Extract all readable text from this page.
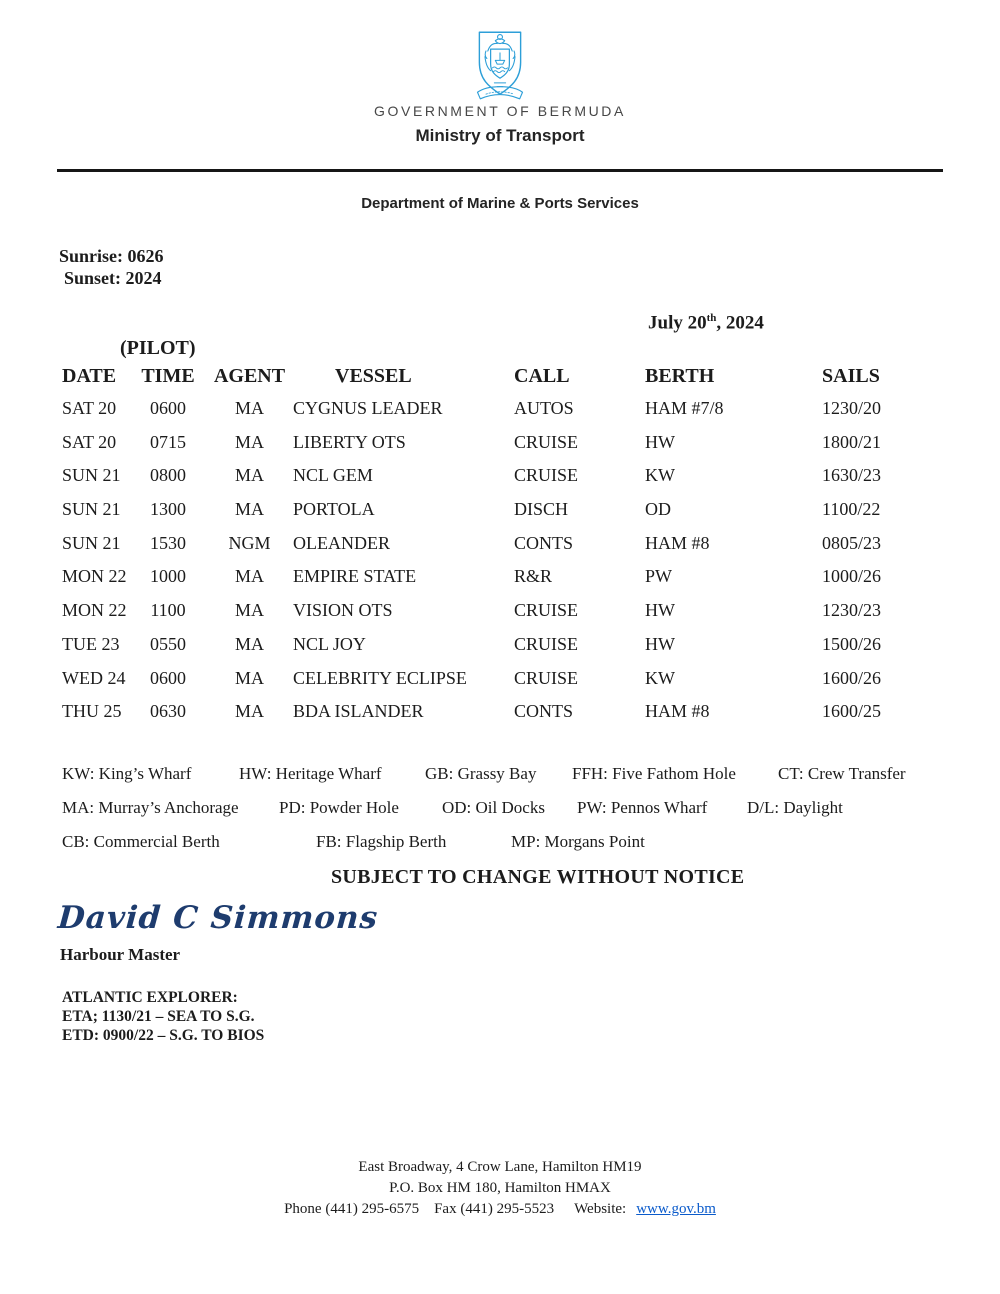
GOVERNMENT OF BERMUDA
Ministry of Transport
Department of Marine & Ports Services
Sunrise: 0626
Sunset: 2024
July 20th, 2024
(PILOT)
DATE	TIME AGENT	VESSEL	CALL	BERTH	SAILS
SAT 20	0600	MA	CYGNUS LEADER	AUTOS	HAM #7/8	1230/20
SAT 20	0715	MA	LIBERTY OTS	CRUISE	HW	1800/21
SUN 21	0800	MA	NCL GEM	CRUISE	KW	1630/23
SUN 21	1300	MA	PORTOLA	DISCH	OD	1100/22
SUN 21	1530	NGM	OLEANDER	CONTS	HAM #8	0805/23
MON 22	1000	MA	EMPIRE STATE	R&R	PW	1000/26
MON 22	1100	MA	VISION OTS	CRUISE	HW	1230/23
TUE 23	0550	MA	NCL JOY	CRUISE	HW	1500/26
WED 24	0600	MA	CELEBRITY ECLIPSE	CRUISE	KW	1600/26
THU 25	0630	MA	BDA ISLANDER	CONTS	HAM #8	1600/25
KW: King’s Wharf	HW: Heritage Wharf	GB: Grassy Bay FFH: Five Fathom Hole CT: Crew Transfer
MA: Murray’s Anchorage PD: Powder Hole	OD: Oil Docks PW: Pennos Wharf D/L: Daylight
CB: Commercial Berth	FB: Flagship Berth	MP: Morgans Point
SUBJECT TO CHANGE WITHOUT NOTICE
David C Simmons
Harbour Master
ATLANTIC EXPLORER:
ETA; 1130/21 – SEA TO S.G.
ETD: 0900/22 – S.G. TO BIOS
East Broadway, 4 Crow Lane, Hamilton HM19
P.O. Box HM 180, Hamilton HMAX
Phone (441) 295-6575 Fax (441) 295-5523 Website: www.gov.bm
